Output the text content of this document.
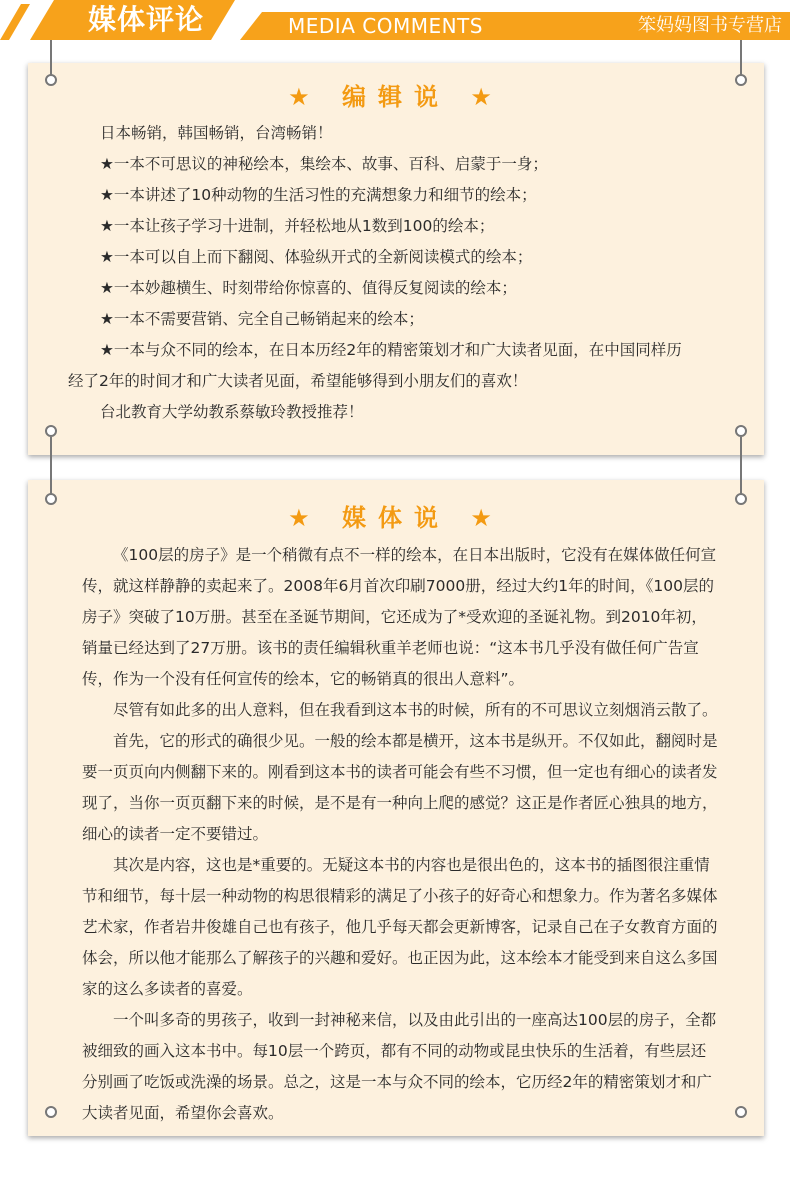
媒体评论	MEDIA COMMENTS	笨妈妈图书专营店
★ 编辑说 ★

日本畅销，韩国畅销，台湾畅销！

★一本不可思议的神秘绘本，集绘本、故事、百科、启蒙于一身；

★一本讲述了10种动物的生活习性的充满想象力和细节的绘本；

★一本让孩子学习十进制，并轻松地从1数到100的绘本；

★一本可以自上而下翻阅、体验纵开式的全新阅读模式的绘本；

★一本妙趣横生、时刻带给你惊喜的、值得反复阅读的绘本；

★一本不需要营销、完全自己畅销起来的绘本；

★一本与众不同的绘本，在日本历经2年的精密策划才和广大读者见面，在中国同样历

经了2年的时间才和广大读者见面，希望能够得到小朋友们的喜欢！

台北教育大学幼教系蔡敏玲教授推荐！

★ 媒体说 ★

《100层的房子》是一个稍微有点不一样的绘本，在日本出版时，它没有在媒体做任何宣传，就这样静静的卖起来了。2008年6月首次印刷7000册，经过大约1年的时间，《100层的房子》突破了10万册。甚至在圣诞节期间，它还成为了*受欢迎的圣诞礼物。到2010年初，销量已经达到了27万册。该书的责任编辑秋重羊老师也说：“这本书几乎没有做任何广告宣传，作为一个没有任何宣传的绘本，它的畅销真的很出人意料”。

尽管有如此多的出人意料，但在我看到这本书的时候，所有的不可思议立刻烟消云散了。

首先，它的形式的确很少见。一般的绘本都是横开，这本书是纵开。不仅如此，翻阅时是要一页页向内侧翻下来的。刚看到这本书的读者可能会有些不习惯，但一定也有细心的读者发现了，当你一页页翻下来的时候，是不是有一种向上爬的感觉？这正是作者匠心独具的地方，细心的读者一定不要错过。

其次是内容，这也是*重要的。无疑这本书的内容也是很出色的，这本书的插图很注重情节和细节，每十层一种动物的构思很精彩的满足了小孩子的好奇心和想象力。作为著名多媒体艺术家，作者岩井俊雄自己也有孩子，他几乎每天都会更新博客，记录自己在子女教育方面的体会，所以他才能那么了解孩子的兴趣和爱好。也正因为此，这本绘本才能受到来自这么多国家的这么多读者的喜爱。

一个叫多奇的男孩子，收到一封神秘来信，以及由此引出的一座高达100层的房子，全都被细致的画入这本书中。每10层一个跨页，都有不同的动物或昆虫快乐的生活着，有些层还分别画了吃饭或洗澡的场景。总之，这是一本与众不同的绘本，它历经2年的精密策划才和广大读者见面，希望你会喜欢。
